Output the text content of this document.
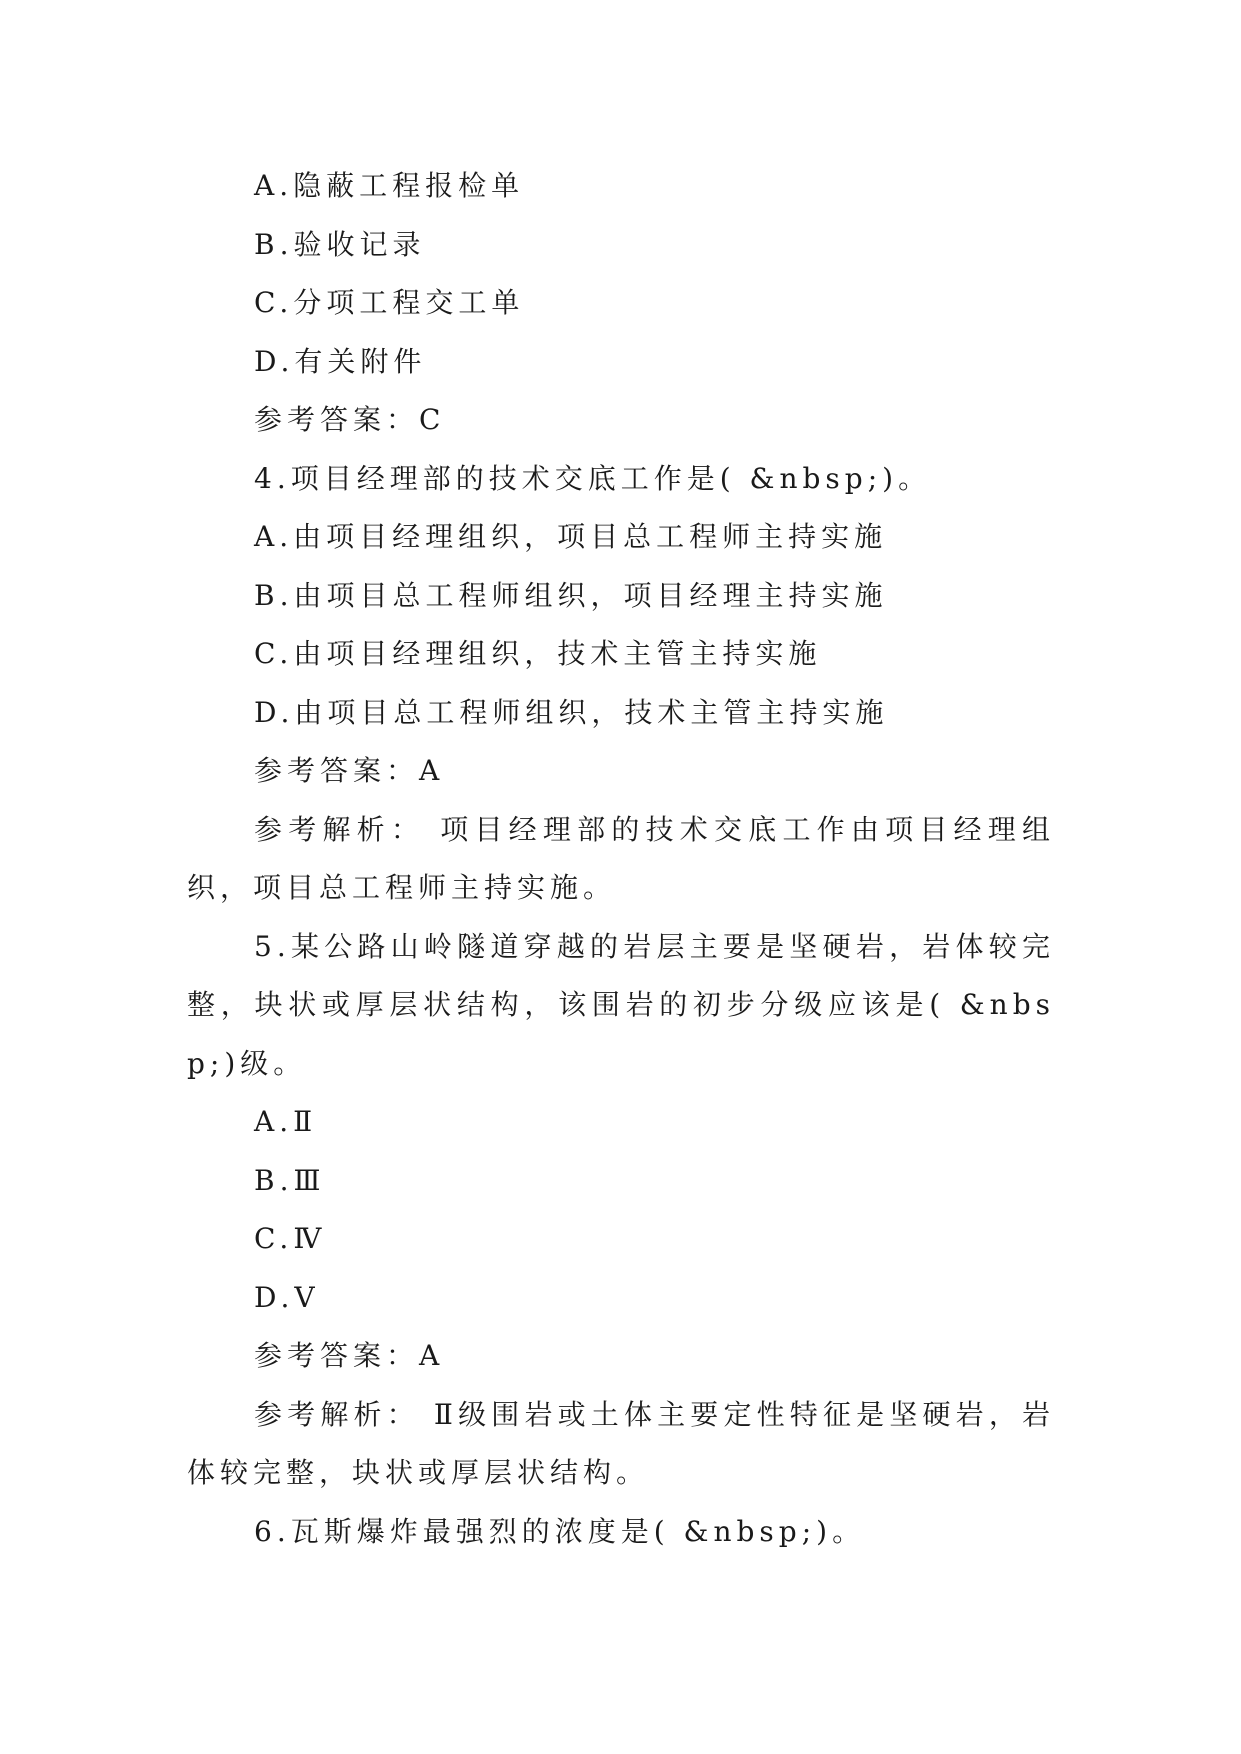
A.隐蔽工程报检单

B.验收记录

C.分项工程交工单

D.有关附件

参考答案：C

4.项目经理部的技术交底工作是( &nbsp;)。

A.由项目经理组织，项目总工程师主持实施

B.由项目总工程师组织，项目经理主持实施

C.由项目经理组织，技术主管主持实施

D.由项目总工程师组织，技术主管主持实施

参考答案：A

参考解析： 项目经理部的技术交底工作由项目经理组织，项目总工程师主持实施。

5.某公路山岭隧道穿越的岩层主要是坚硬岩，岩体较完整，块状或厚层状结构，该围岩的初步分级应该是( &nbsp;)级。

A.Ⅱ

B.Ⅲ

C.Ⅳ

D.Ⅴ

参考答案：A

参考解析： Ⅱ级围岩或土体主要定性特征是坚硬岩，岩体较完整，块状或厚层状结构。

6.瓦斯爆炸最强烈的浓度是( &nbsp;)。
